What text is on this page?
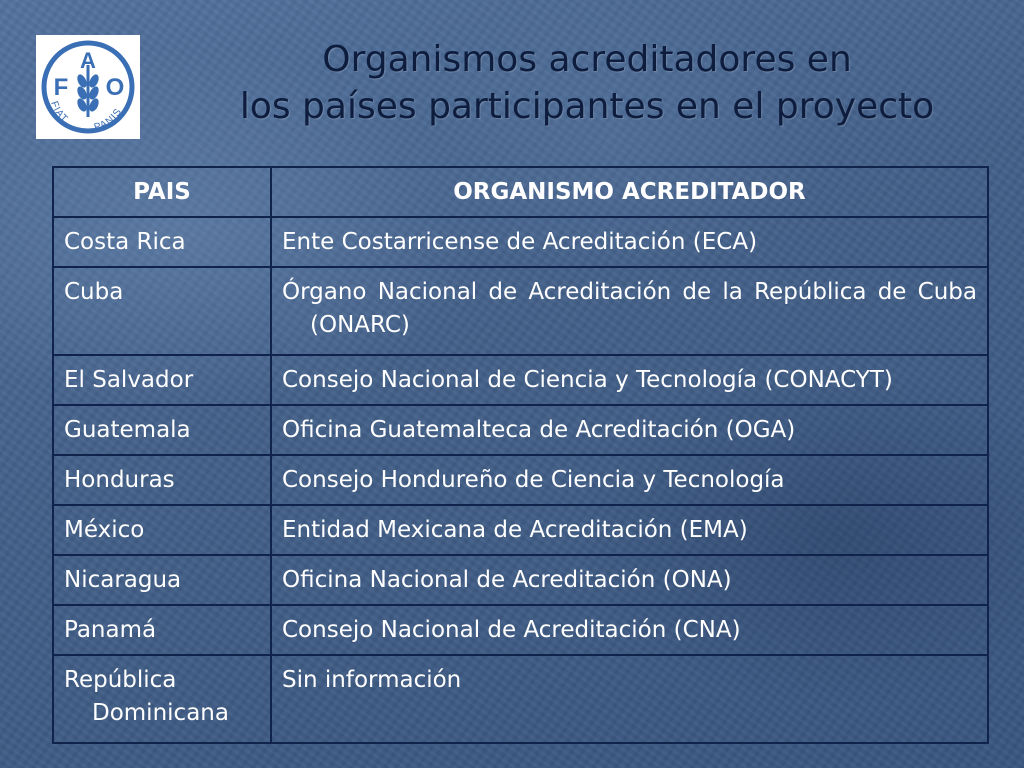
F
A
O
FIAT
PANIS
Organismos acreditadores en
los países participantes en el proyecto
PAIS	ORGANISMO ACREDITADOR
Costa Rica	Ente Costarricense de Acreditación (ECA)
Cuba	Órgano Nacional de Acreditación de la República de Cuba (ONARC)
El Salvador	Consejo Nacional de Ciencia y Tecnología (CONACYT)
Guatemala	Oficina Guatemalteca de Acreditación (OGA)
Honduras	Consejo Hondureño de Ciencia y Tecnología
México	Entidad Mexicana de Acreditación (EMA)
Nicaragua	Oficina Nacional de Acreditación (ONA)
Panamá	Consejo Nacional de Acreditación (CNA)
República Dominicana	Sin información
